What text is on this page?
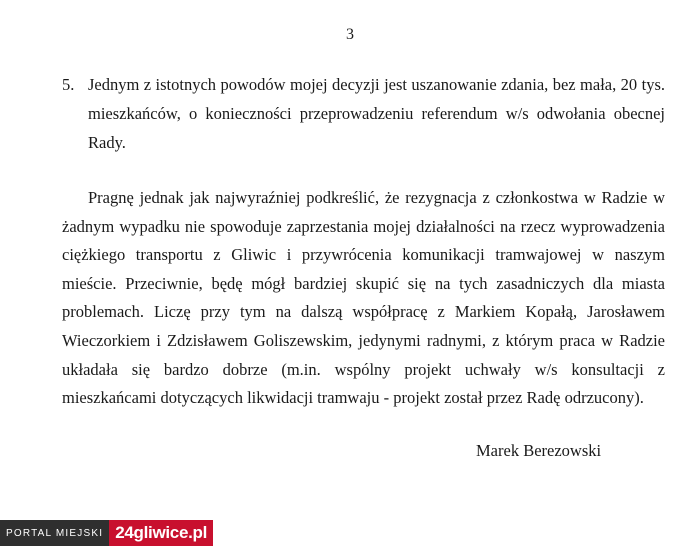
3
5. Jednym z istotnych powodów mojej decyzji jest uszanowanie zdania, bez mała, 20 tys. mieszkańców, o konieczności przeprowadzeniu referendum w/s odwołania obecnej Rady.
Pragnę jednak jak najwyraźniej podkreślić, że rezygnacja z członkostwa w Radzie w żadnym wypadku nie spowoduje zaprzestania mojej działalności na rzecz wyprowadzenia ciężkiego transportu z Gliwic i przywrócenia komunikacji tramwajowej w naszym mieście. Przeciwnie, będę mógł bardziej skupić się na tych zasadniczych dla miasta problemach. Liczę przy tym na dalszą współpracę z Markiem Kopałą, Jarosławem Wieczorkiem i Zdzisławem Goliszewskim, jedynymi radnymi, z którym praca w Radzie układała się bardzo dobrze (m.in. wspólny projekt uchwały w/s konsultacji z mieszkańcami dotyczących likwidacji tramwaju - projekt został przez Radę odrzucony).
Marek Berezowski
PORTAL MIEJSKI 24gliwice.pl
